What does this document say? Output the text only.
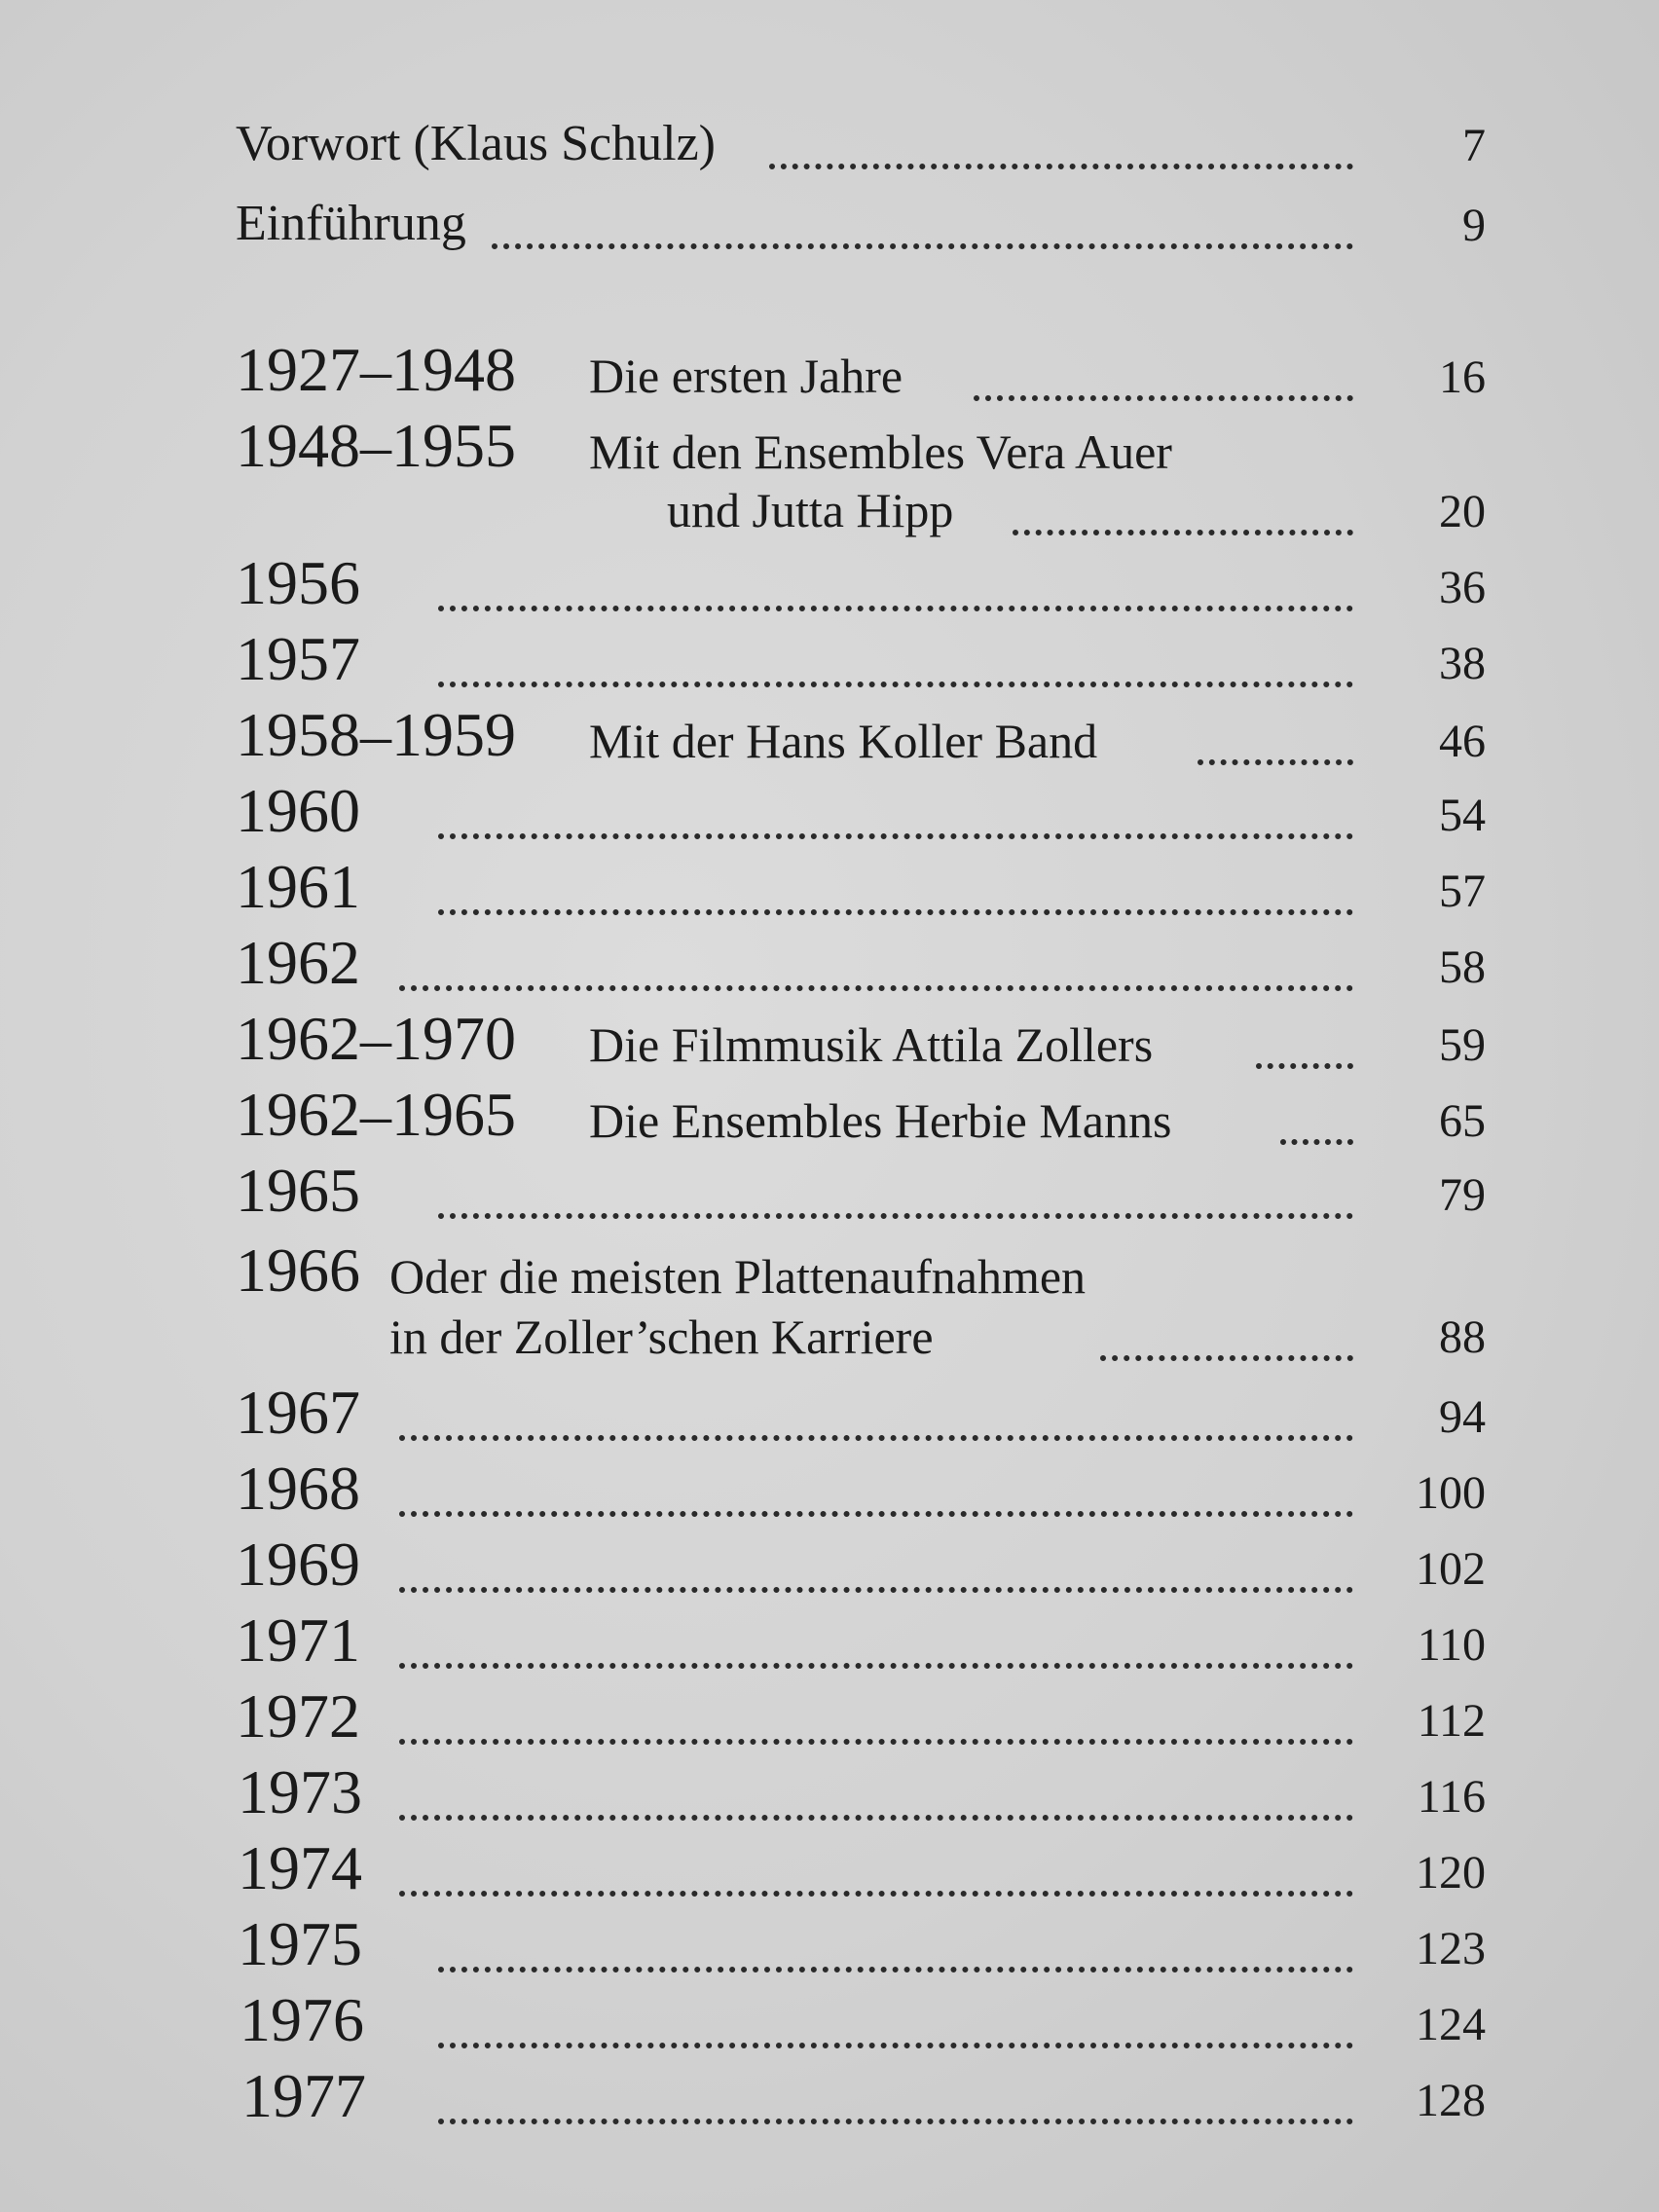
Vorwort (Klaus Schulz)	7
Einführung	9
1927–1948 Die ersten Jahre	16
1948–1955 Mit den Ensembles Vera Auer
und Jutta Hipp	20
1956	36
1957	38
1958–1959 Mit der Hans Koller Band	46
1960	54
1961	57
1962	58
1962–1970 Die Filmmusik Attila Zollers	59
1962–1965 Die Ensembles Herbie Manns	65
1965	79
1966 Oder die meisten Plattenaufnahmen
in der Zoller’schen Karriere	88
1967	94
1968	100
1969	102
1971	110
1972	112
1973	116
1974	120
1975	123
1976	124
1977	128
